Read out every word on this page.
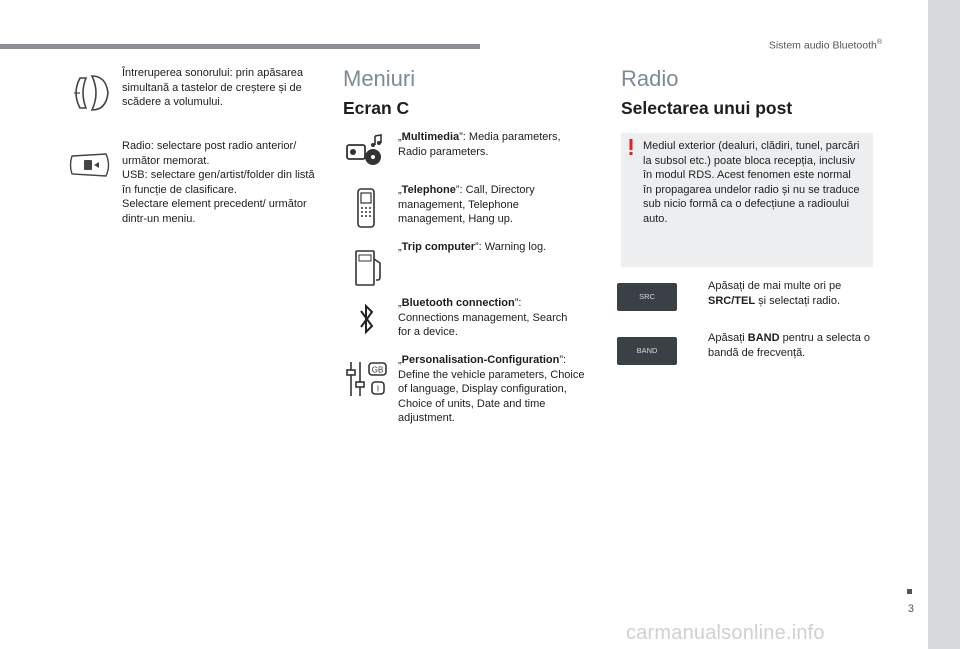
Sistem audio Bluetooth®
Întreruperea sonorului: prin apăsarea simultană a tastelor de creștere și de scădere a volumului.
Radio: selectare post radio anterior/ următor memorat.
USB: selectare gen/artist/folder din listă în funcție de clasificare.
Selectare element precedent/ următor dintr-un meniu.
Meniuri
Ecran C
„Multimedia”: Media parameters, Radio parameters.
„Telephone”: Call, Directory management, Telephone management, Hang up.
„Trip computer”: Warning log.
„Bluetooth connection”: Connections management, Search for a device.
GB
I
„Personalisation-Configuration”: Define the vehicle parameters, Choice of language, Display configuration, Choice of units, Date and time adjustment.
Radio
Selectarea unui post
Mediul exterior (dealuri, clădiri, tunel, parcări la subsol etc.) poate bloca recepția, inclusiv în modul RDS. Acest fenomen este normal în propagarea undelor radio și nu se traduce sub nicio formă ca o defecțiune a radioului auto.
SRC
Apăsați de mai multe ori pe SRC/TEL și selectați radio.
BAND
Apăsați BAND pentru a selecta o bandă de frecvență.
3
carmanualsonline.info
